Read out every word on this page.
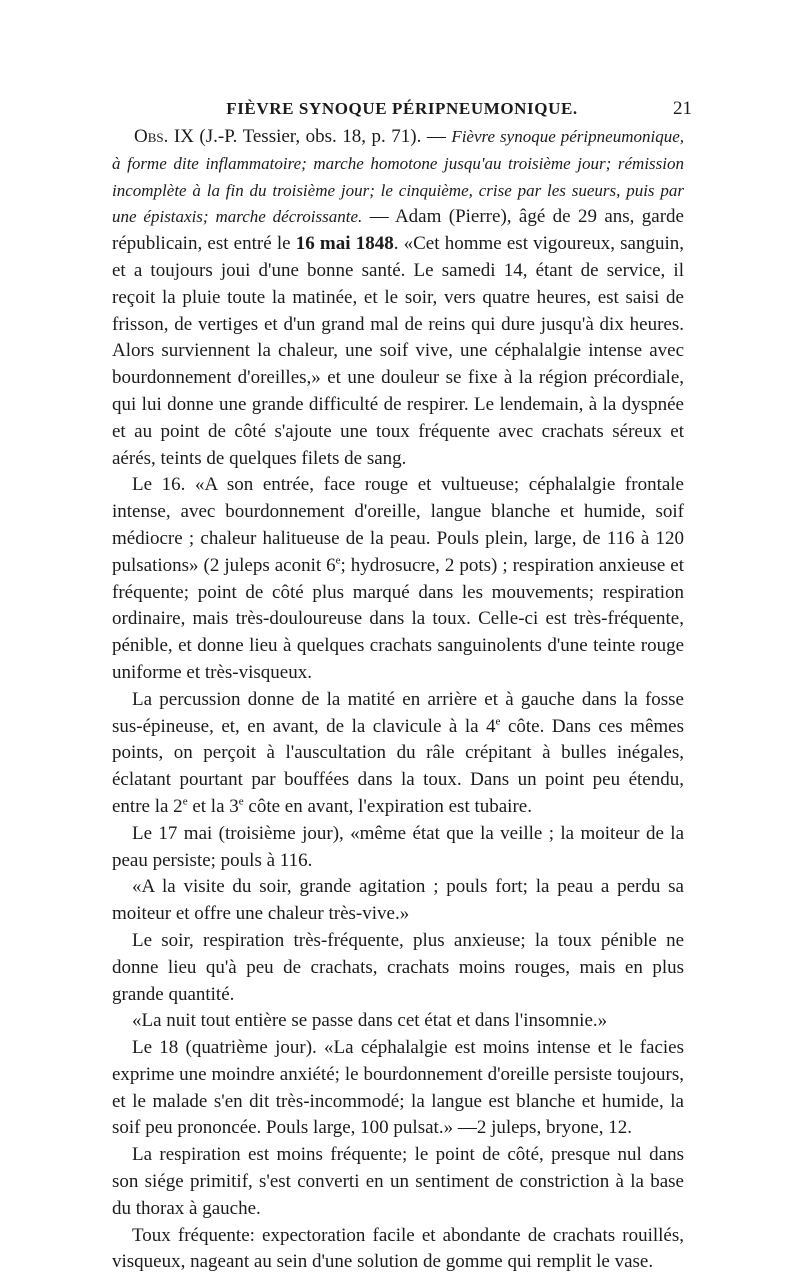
FIÈVRE SYNOQUE PÉRIPNEUMONIQUE.	21

Obs. IX (J.-P. Tessier, obs. 18, p. 71). — Fièvre synoque péripneumonique, à forme dite inflammatoire; marche homotone jusqu'au troisième jour; rémission incomplète à la fin du troisième jour; le cinquième, crise par les sueurs, puis par une épistaxis; marche décroissante. — Adam (Pierre), âgé de 29 ans, garde républicain, est entré le 16 mai 1848. «Cet homme est vigoureux, sanguin, et a toujours joui d'une bonne santé. Le samedi 14, étant de service, il reçoit la pluie toute la matinée, et le soir, vers quatre heures, est saisi de frisson, de vertiges et d'un grand mal de reins qui dure jusqu'à dix heures. Alors surviennent la chaleur, une soif vive, une céphalalgie intense avec bourdonnement d'oreilles,» et une douleur se fixe à la région précordiale, qui lui donne une grande difficulté de respirer. Le lendemain, à la dyspnée et au point de côté s'ajoute une toux fréquente avec crachats séreux et aérés, teints de quelques filets de sang.

Le 16. «A son entrée, face rouge et vultueuse; céphalalgie frontale intense, avec bourdonnement d'oreille, langue blanche et humide, soif médiocre ; chaleur halitueuse de la peau. Pouls plein, large, de 116 à 120 pulsations» (2 juleps aconit 6e; hydrosucre, 2 pots) ; respiration anxieuse et fréquente; point de côté plus marqué dans les mouvements; respiration ordinaire, mais très-douloureuse dans la toux. Celle-ci est très-fréquente, pénible, et donne lieu à quelques crachats sanguinolents d'une teinte rouge uniforme et très-visqueux.

La percussion donne de la matité en arrière et à gauche dans la fosse sus-épineuse, et, en avant, de la clavicule à la 4e côte. Dans ces mêmes points, on perçoit à l'auscultation du râle crépitant à bulles inégales, éclatant pourtant par bouffées dans la toux. Dans un point peu étendu, entre la 2e et la 3e côte en avant, l'expiration est tubaire.

Le 17 mai (troisième jour), «même état que la veille ; la moiteur de la peau persiste; pouls à 116.

«A la visite du soir, grande agitation ; pouls fort; la peau a perdu sa moiteur et offre une chaleur très-vive.»

Le soir, respiration très-fréquente, plus anxieuse; la toux pénible ne donne lieu qu'à peu de crachats, crachats moins rouges, mais en plus grande quantité.

«La nuit tout entière se passe dans cet état et dans l'insomnie.»

Le 18 (quatrième jour). «La céphalalgie est moins intense et le facies exprime une moindre anxiété; le bourdonnement d'oreille persiste toujours, et le malade s'en dit très-incommodé; la langue est blanche et humide, la soif peu prononcée. Pouls large, 100 pulsat.» —2 juleps, bryone, 12.

La respiration est moins fréquente; le point de côté, presque nul dans son siége primitif, s'est converti en un sentiment de constriction à la base du thorax à gauche.

Toux fréquente: expectoration facile et abondante de crachats rouillés, visqueux, nageant au sein d'une solution de gomme qui remplit le vase.
